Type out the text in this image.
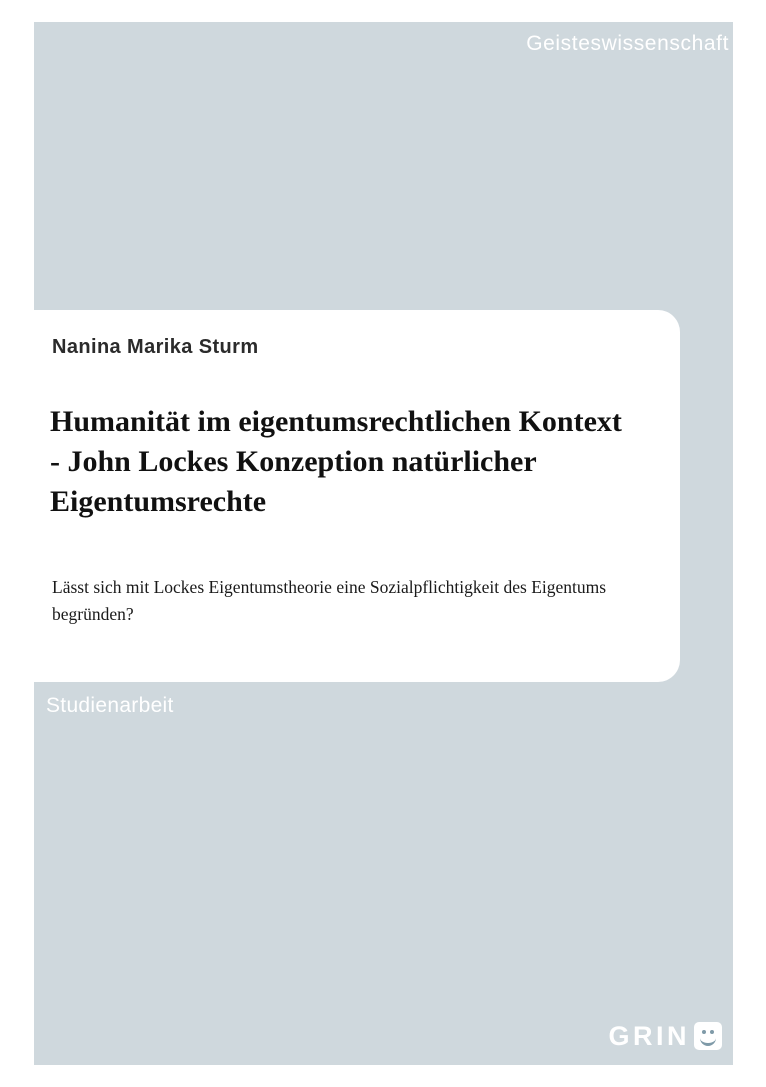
Geisteswissenschaft
Nanina Marika Sturm
Humanität im eigentumsrechtlichen Kontext - John Lockes Konzeption natürlicher Eigentumsrechte
Lässt sich mit Lockes Eigentumstheorie eine Sozialpflichtigkeit des Eigentums begründen?
Studienarbeit
GRIN
